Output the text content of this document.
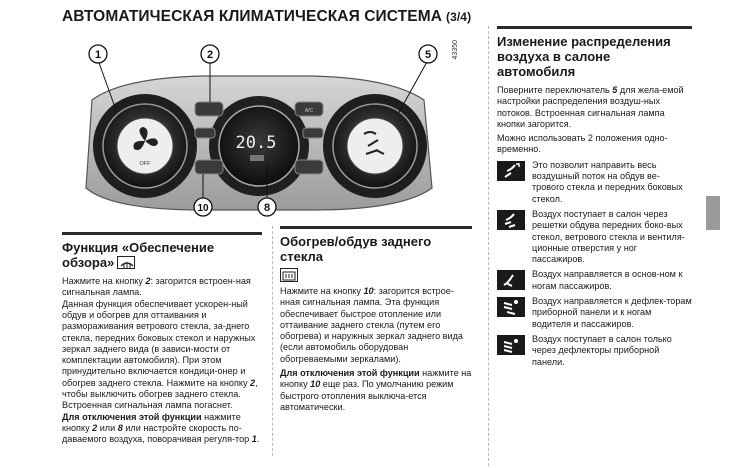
АВТОМАТИЧЕСКАЯ КЛИМАТИЧЕСКАЯ СИСТЕМА (3/4)
OFF
20.5
A/C
1	2	5
10	8
43350
Функция «Обеспечение
обзора»

Нажмите на кнопку 2: загорится встроен-ная сигнальная лампа.

Данная функция обеспечивает ускорен-ный обдув и обогрев для оттаивания и размораживания ветрового стекла, за-днего стекла, передних боковых стекол и наружных зеркал заднего вида (в зависи-мости от комплектации автомобиля). При этом принудительно включается кондици-онер и обогрев заднего стекла. Нажмите на кнопку 2, чтобы выключить обогрев заднего стекла. Встроенная сигнальная лампа погаснет.

Для отключения этой функции нажмите кнопку 2 или 8 или настройте скорость по-даваемого воздуха, поворачивая регуля-тор 1.

Обогрев/обдув заднего стекла

Нажмите на кнопку 10: загорится встрое-нная сигнальная лампа. Эта функция обеспечивает быстрое отопление или оттаивание заднего стекла (путем его обогрева) и наружных зеркал заднего вида (если автомобиль оборудован обогреваемыми зеркалами).

Для отключения этой функции нажмите на кнопку 10 еще раз. По умолчанию режим быстрого отопления выключа-ется автоматически.

Изменение распределения воздуха в салоне автомобиля

Поверните переключатель 5 для жела-емой настройки распределения воздуш-ных потоков. Встроенная сигнальная лампа кнопки загорится.

Можно использовать 2 положения одно-временно.

Это позволит направить весь воздушный поток на обдув ве-трового стекла и передних боковых стекол.

Воздух поступает в салон через решетки обдува передних боко-вых стекол, ветрового стекла и вентиля-ционные отверстия у ног пассажиров.

Воздух направляется в основ-ном к ногам пассажиров.

Воздух направляется к дефлек-торам приборной панели и к ногам водителя и пассажиров.

Воздух поступает в салон только через дефлекторы приборной панели.
